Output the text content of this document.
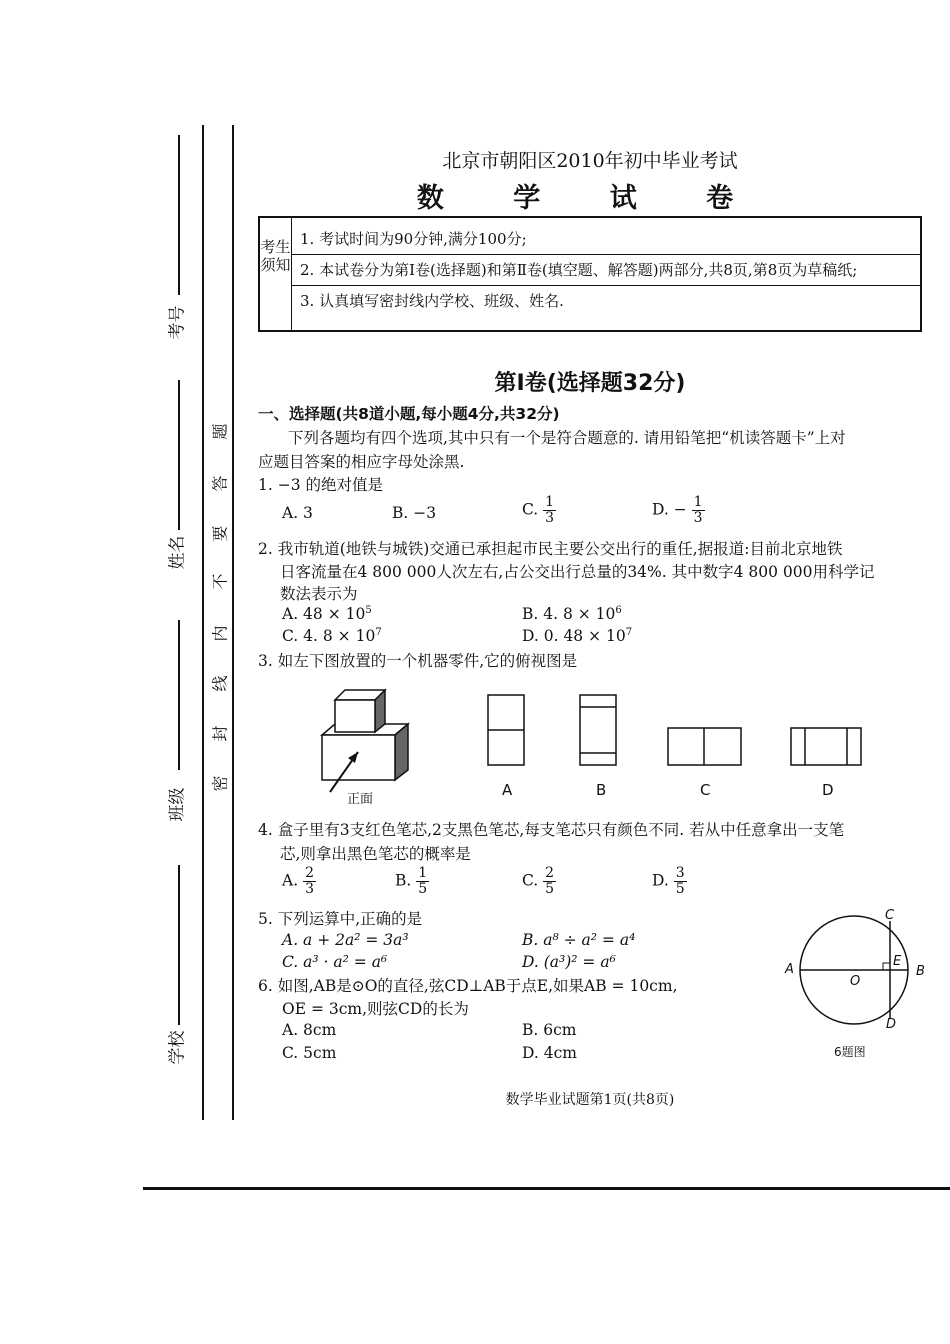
考号
姓名
班级
学校
题
答
要
不
内
线
封
密
北京市朝阳区2010年初中毕业考试
数 学 试 卷
考生须知

1. 考试时间为90分钟,满分100分;

2. 本试卷分为第Ⅰ卷(选择题)和第Ⅱ卷(填空题、解答题)两部分,共8页,第8页为草稿纸;

3. 认真填写密封线内学校、班级、姓名.

第Ⅰ卷(选择题32分)
一、选择题(共8道小题,每小题4分,共32分)
下列各题均有四个选项,其中只有一个是符合题意的. 请用铅笔把“机读答题卡”上对
应题目答案的相应字母处涂黑.
1. −3 的绝对值是
A. 3	B. −3	C. $\frac{1}{3}$	D. − $\frac{1}{3}$
2. 我市轨道(地铁与城铁)交通已承担起市民主要公交出行的重任,据报道:目前北京地铁
日客流量在4 800 000人次左右,占公交出行总量的34%. 其中数字4 800 000用科学记
数法表示为
A. $48 \times 10^5$	B. 4. $8 \times 10^6$
C. 4. $8 \times 10^7$	D. 0. $48 \times 10^7$
3. 如左下图放置的一个机器零件,它的俯视图是
正面
A	B	C	D
4. 盒子里有3支红色笔芯,2支黑色笔芯,每支笔芯只有颜色不同. 若从中任意拿出一支笔
芯,则拿出黑色笔芯的概率是
A. $\frac{2}{3}$	B. $\frac{1}{5}$	C. $\frac{2}{5}$	D. $\frac{3}{5}$
5. 下列运算中,正确的是
A. a + 2a² = 3a³	B. a⁸ ÷ a² = a⁴
C. a³ · a² = a⁶	D. (a³)² = a⁶
6. 如图,AB是⊙O的直径,弦CD⊥AB于点E,如果AB = 10cm,
OE = 3cm,则弦CD的长为
A. 8cm	B. 6cm
C. 5cm	D. 4cm
A	B
C
D
E
O
6题图
数学毕业试题第1页(共8页)
